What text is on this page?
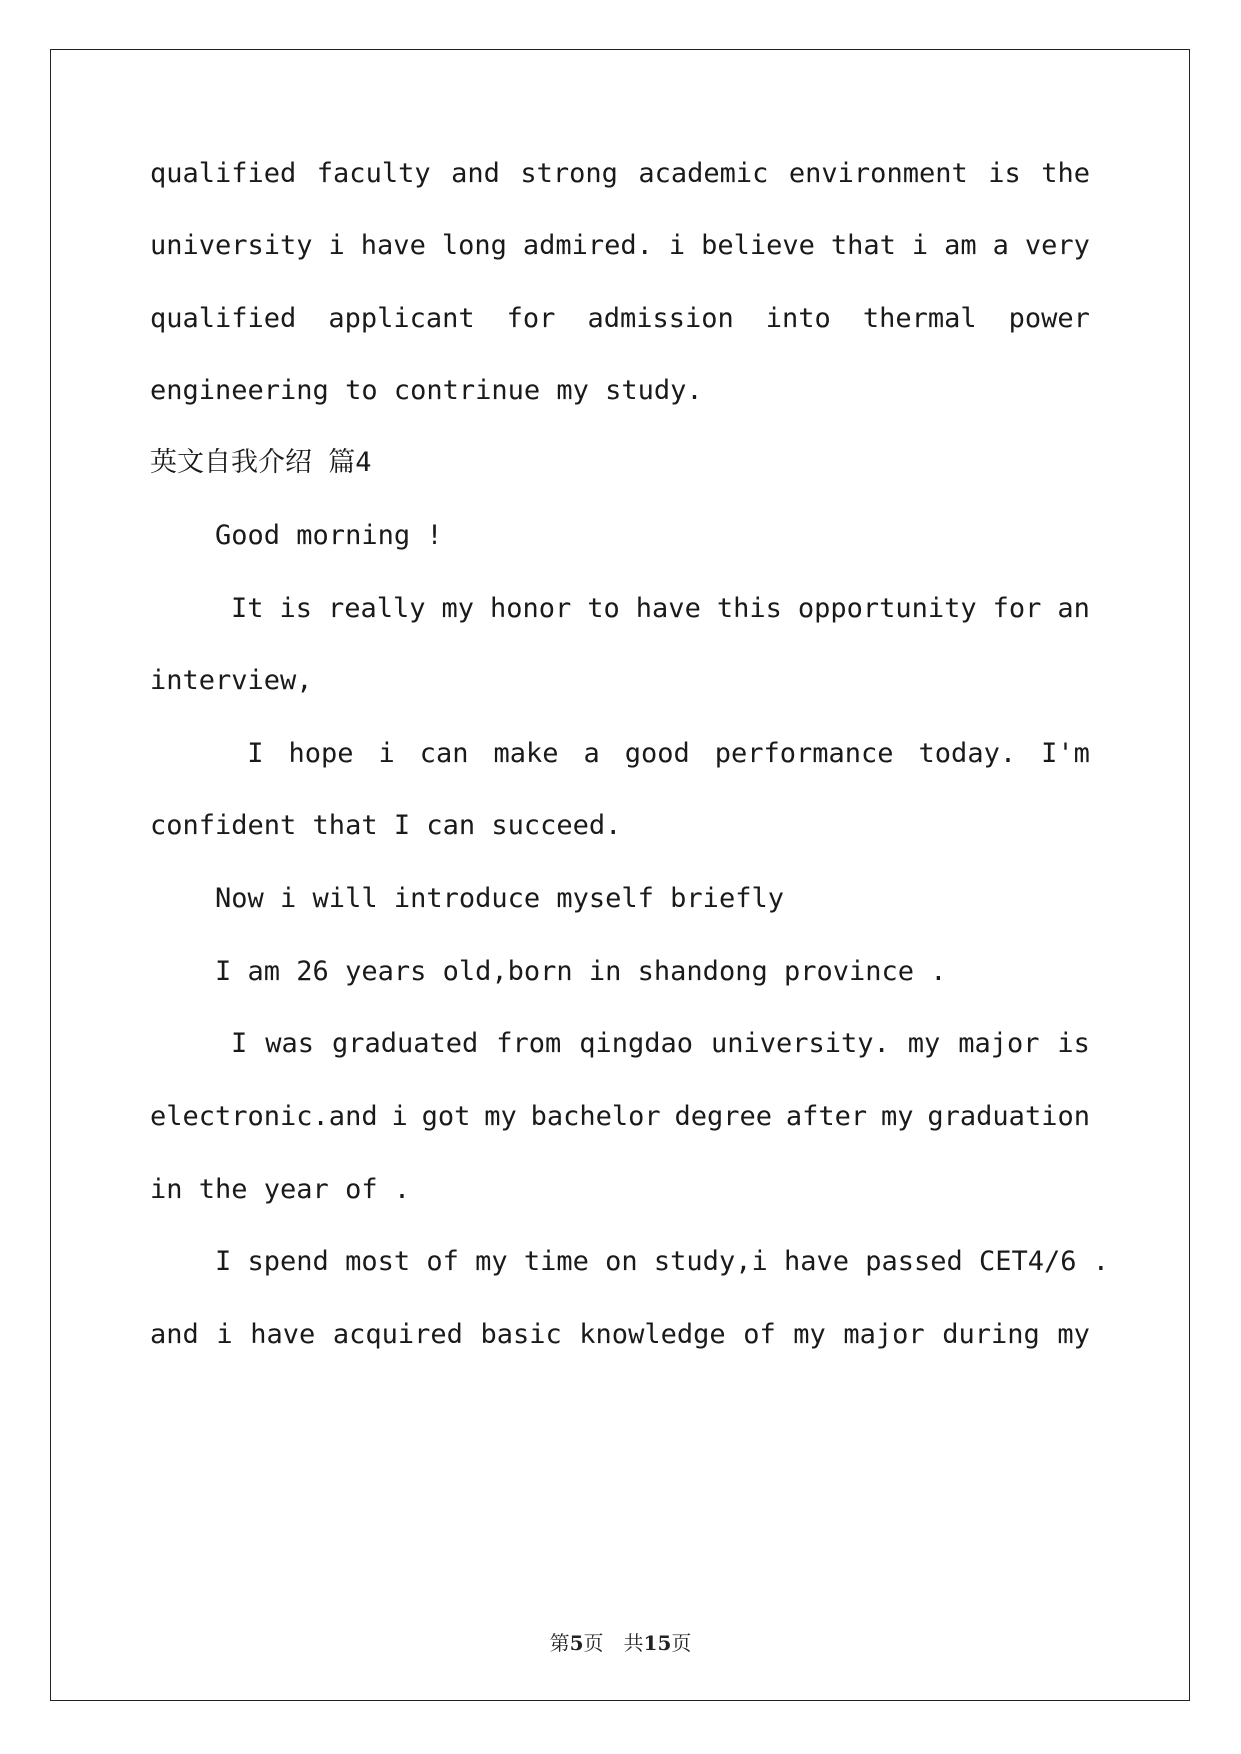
qualified faculty and strong academic environment is the
university i have long admired. i believe that i am a very
qualified applicant for admission into thermal power
engineering to contrinue my study.
英文自我介绍 篇4
Good morning !
It is really my honor to have this opportunity for an
interview,
I hope i can make a good performance today. I'm
confident that I can succeed.
Now i will introduce myself briefly
I am 26 years old,born in shandong province .
I was graduated from qingdao university. my major is
electronic.and i got my bachelor degree after my graduation
in the year of .
I spend most of my time on study,i have passed CET4/6 .
and i have acquired basic knowledge of my major during my
第5页　共15页
